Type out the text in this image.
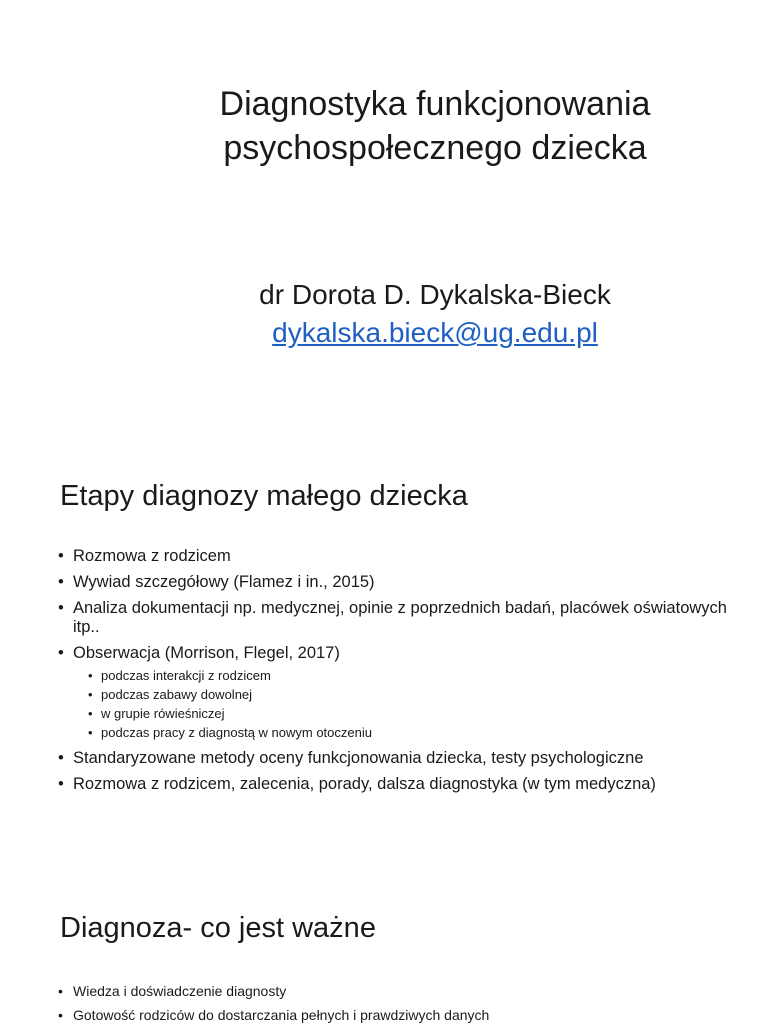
Diagnostyka funkcjonowania
psychospołecznego dziecka
dr Dorota D. Dykalska-Bieck
dykalska.bieck@ug.edu.pl
Etapy diagnozy małego dziecka
• Rozmowa z rodzicem
• Wywiad szczegółowy (Flamez i in., 2015)
• Analiza dokumentacji np. medycznej, opinie z poprzednich badań, placówek oświatowych itp..
• Obserwacja (Morrison, Flegel, 2017)
• podczas interakcji z rodzicem
• podczas zabawy dowolnej
• w grupie rówieśniczej
• podczas pracy z diagnostą w nowym otoczeniu
• Standaryzowane metody oceny funkcjonowania dziecka, testy psychologiczne
• Rozmowa z rodzicem, zalecenia, porady, dalsza diagnostyka (w tym medyczna)
Diagnoza- co jest ważne
• Wiedza i doświadczenie diagnosty
• Gotowość rodziców do dostarczania pełnych i prawdziwych danych
